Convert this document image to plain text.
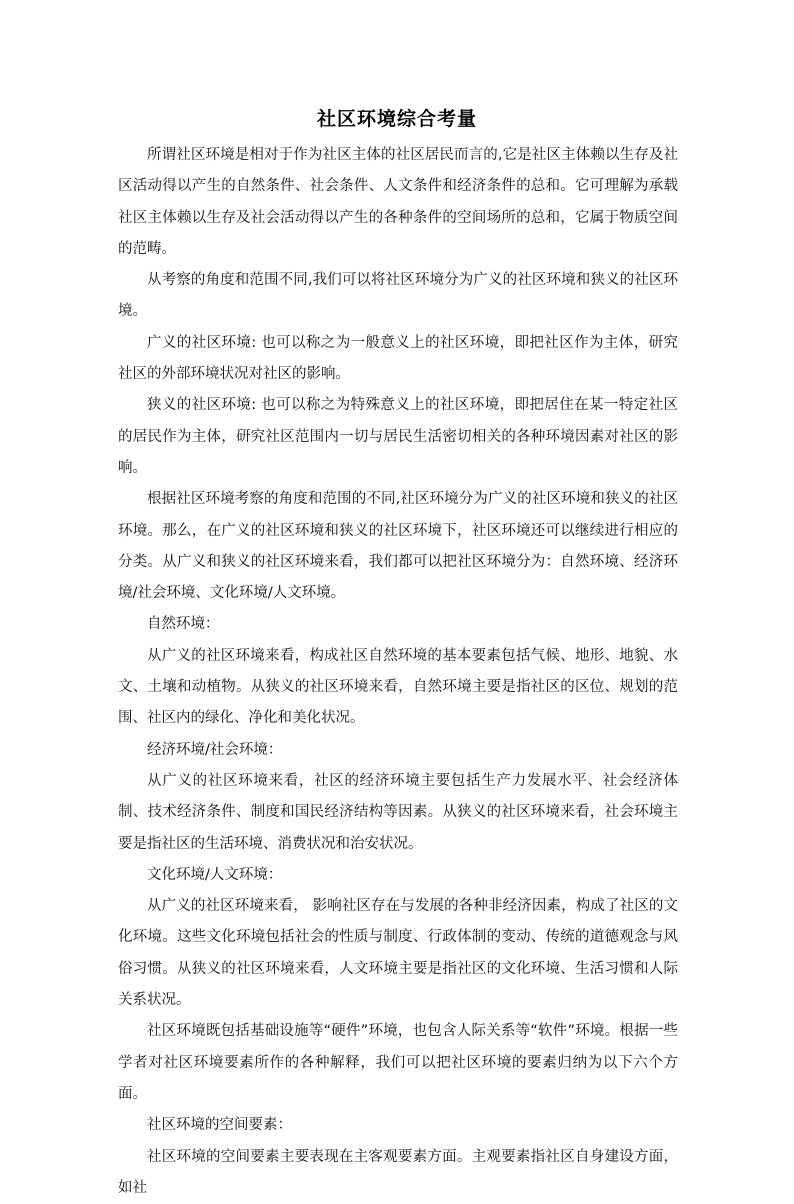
社区环境综合考量

所谓社区环境是相对于作为社区主体的社区居民而言的,它是社区主体赖以生存及社区活动得以产生的自然条件、社会条件、人文条件和经济条件的总和。它可理解为承载社区主体赖以生存及社会活动得以产生的各种条件的空间场所的总和，它属于物质空间的范畴。

从考察的角度和范围不同,我们可以将社区环境分为广义的社区环境和狭义的社区环境。

广义的社区环境: 也可以称之为一般意义上的社区环境，即把社区作为主体，研究社区的外部环境状况对社区的影响。

狭义的社区环境: 也可以称之为特殊意义上的社区环境，即把居住在某一特定社区的居民作为主体，研究社区范围内一切与居民生活密切相关的各种环境因素对社区的影响。

根据社区环境考察的角度和范围的不同,社区环境分为广义的社区环境和狭义的社区环境。那么，在广义的社区环境和狭义的社区环境下，社区环境还可以继续进行相应的分类。从广义和狭义的社区环境来看，我们都可以把社区环境分为：自然环境、经济环境/社会环境、文化环境/人文环境。

自然环境：

从广义的社区环境来看，构成社区自然环境的基本要素包括气候、地形、地貌、水文、土壤和动植物。从狭义的社区环境来看，自然环境主要是指社区的区位、规划的范围、社区内的绿化、净化和美化状况。

经济环境/社会环境：

从广义的社区环境来看，社区的经济环境主要包括生产力发展水平、社会经济体制、技术经济条件、制度和国民经济结构等因素。从狭义的社区环境来看，社会环境主要是指社区的生活环境、消费状况和治安状况。

文化环境/人文环境：

从广义的社区环境来看， 影响社区存在与发展的各种非经济因素，构成了社区的文化环境。这些文化环境包括社会的性质与制度、行政体制的变动、传统的道德观念与风俗习惯。从狭义的社区环境来看，人文环境主要是指社区的文化环境、生活习惯和人际关系状况。

社区环境既包括基础设施等“硬件”环境，也包含人际关系等“软件”环境。根据一些学者对社区环境要素所作的各种解释，我们可以把社区环境的要素归纳为以下六个方面。

社区环境的空间要素：

社区环境的空间要素主要表现在主客观要素方面。主观要素指社区自身建设方面，如社
